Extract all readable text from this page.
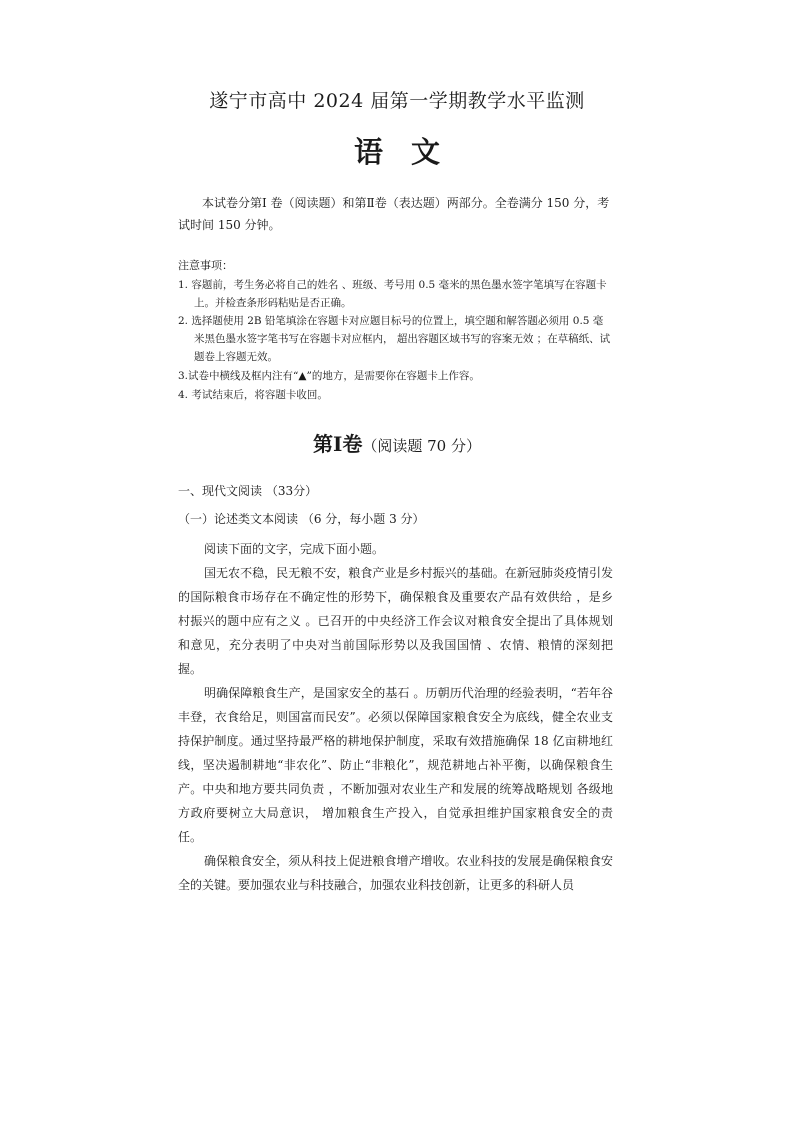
遂宁市高中 2024 届第一学期教学水平监测
语文
本试卷分第Ⅰ 卷（阅读题）和第Ⅱ卷（表达题）两部分。全卷满分 150 分，考试时间 150 分钟。
注意事项：
1. 容题前，考生务必将自己的姓名 、班级、考号用 0.5 毫米的黑色墨水签字笔填写在容题卡
上。并检查条形码粘贴是否正确。
2. 选择题使用 2B 铅笔填涂在容题卡对应题目标号的位置上，填空题和解答题必须用 0.5 毫
米黑色墨水签字笔书写在容题卡对应框内， 超出容题区域书写的容案无效 ；在草稿纸、试
题卷上容题无效。
3.试卷中横线及框内注有“▲”的地方，是需要你在容题卡上作容。
4. 考试结束后，将容题卡收回。
第Ⅰ卷（阅读题 70 分）
一、现代文阅读 （33分）
（一）论述类文本阅读 （6 分，每小题 3 分）
阅读下面的文字，完成下面小题。
国无农不稳，民无粮不安，粮食产业是乡村振兴的基础。在新冠肺炎疫情引发的国际粮食市场存在不确定性的形势下，确保粮食及重要农产品有效供给 ，是乡村振兴的题中应有之义 。已召开的中央经济工作会议对粮食安全提出了具体规划和意见，充分表明了中央对当前国际形势以及我国国情 、农情、粮情的深刻把握。
明确保障粮食生产，是国家安全的基石 。历朝历代治理的经验表明，“若年谷丰登，衣食给足，则国富而民安”。必须以保障国家粮食安全为底线，健全农业支持保护制度。通过坚持最严格的耕地保护制度，采取有效措施确保 18 亿亩耕地红线，坚决遏制耕地“非农化”、防止“非粮化”，规范耕地占补平衡，以确保粮食生产。中央和地方要共同负责 ，不断加强对农业生产和发展的统筹战略规划 各级地方政府要树立大局意识， 增加粮食生产投入，自觉承担维护国家粮食安全的责任。
确保粮食安全，须从科技上促进粮食增产增收。农业科技的发展是确保粮食安全的关键。要加强农业与科技融合，加强农业科技创新，让更多的科研人员
